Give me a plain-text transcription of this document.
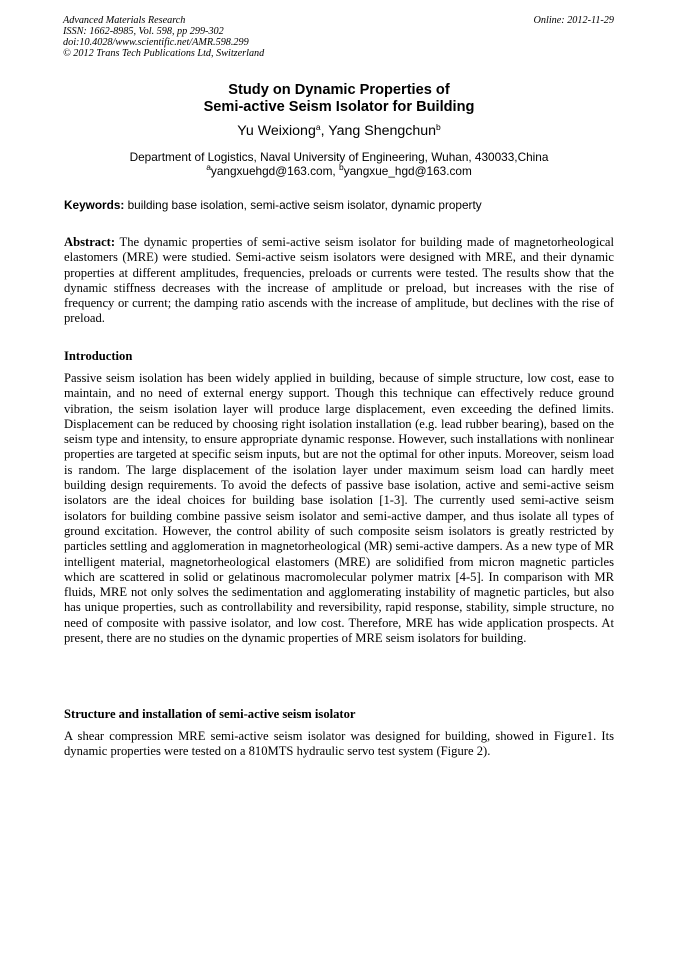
Advanced Materials Research
ISSN: 1662-8985, Vol. 598, pp 299-302
doi:10.4028/www.scientific.net/AMR.598.299
© 2012 Trans Tech Publications Ltd, Switzerland
Online: 2012-11-29
Study on Dynamic Properties of
Semi-active Seism Isolator for Building
Yu Weixiong$^a$, Yang Shengchun$^b$
Department of Logistics, Naval University of Engineering, Wuhan, 430033,China
$^a$yangxuehgd@163.com, $^b$yangxue_hgd@163.com
Keywords: building base isolation, semi-active seism isolator, dynamic property
Abstract: The dynamic properties of semi-active seism isolator for building made of magnetorheological elastomers (MRE) were studied. Semi-active seism isolators were designed with MRE, and their dynamic properties at different amplitudes, frequencies, preloads or currents were tested. The results show that the dynamic stiffness decreases with the increase of amplitude or preload, but increases with the rise of frequency or current; the damping ratio ascends with the increase of amplitude, but declines with the rise of preload.
Introduction
Passive seism isolation has been widely applied in building, because of simple structure, low cost, ease to maintain, and no need of external energy support. Though this technique can effectively reduce ground vibration, the seism isolation layer will produce large displacement, even exceeding the defined limits. Displacement can be reduced by choosing right isolation installation (e.g. lead rubber bearing), based on the seism type and intensity, to ensure appropriate dynamic response. However, such installations with nonlinear properties are targeted at specific seism inputs, but are not the optimal for other inputs. Moreover, seism load is random. The large displacement of the isolation layer under maximum seism load can hardly meet building design requirements. To avoid the defects of passive base isolation, active and semi-active seism isolators are the ideal choices for building base isolation [1-3]. The currently used semi-active seism isolators for building combine passive seism isolator and semi-active damper, and thus isolate all types of ground excitation. However, the control ability of such composite seism isolators is greatly restricted by particles settling and agglomeration in magnetorheological (MR) semi-active dampers. As a new type of MR intelligent material, magnetorheological elastomers (MRE) are solidified from micron magnetic particles which are scattered in solid or gelatinous macromolecular polymer matrix [4-5]. In comparison with MR fluids, MRE not only solves the sedimentation and agglomerating instability of magnetic particles, but also has unique properties, such as controllability and reversibility, rapid response, stability, simple structure, no need of composite with passive isolator, and low cost. Therefore, MRE has wide application prospects. At present, there are no studies on the dynamic properties of MRE seism isolators for building.
Structure and installation of semi-active seism isolator
A shear compression MRE semi-active seism isolator was designed for building, showed in Figure1. Its dynamic properties were tested on a 810MTS hydraulic servo test system (Figure 2).
